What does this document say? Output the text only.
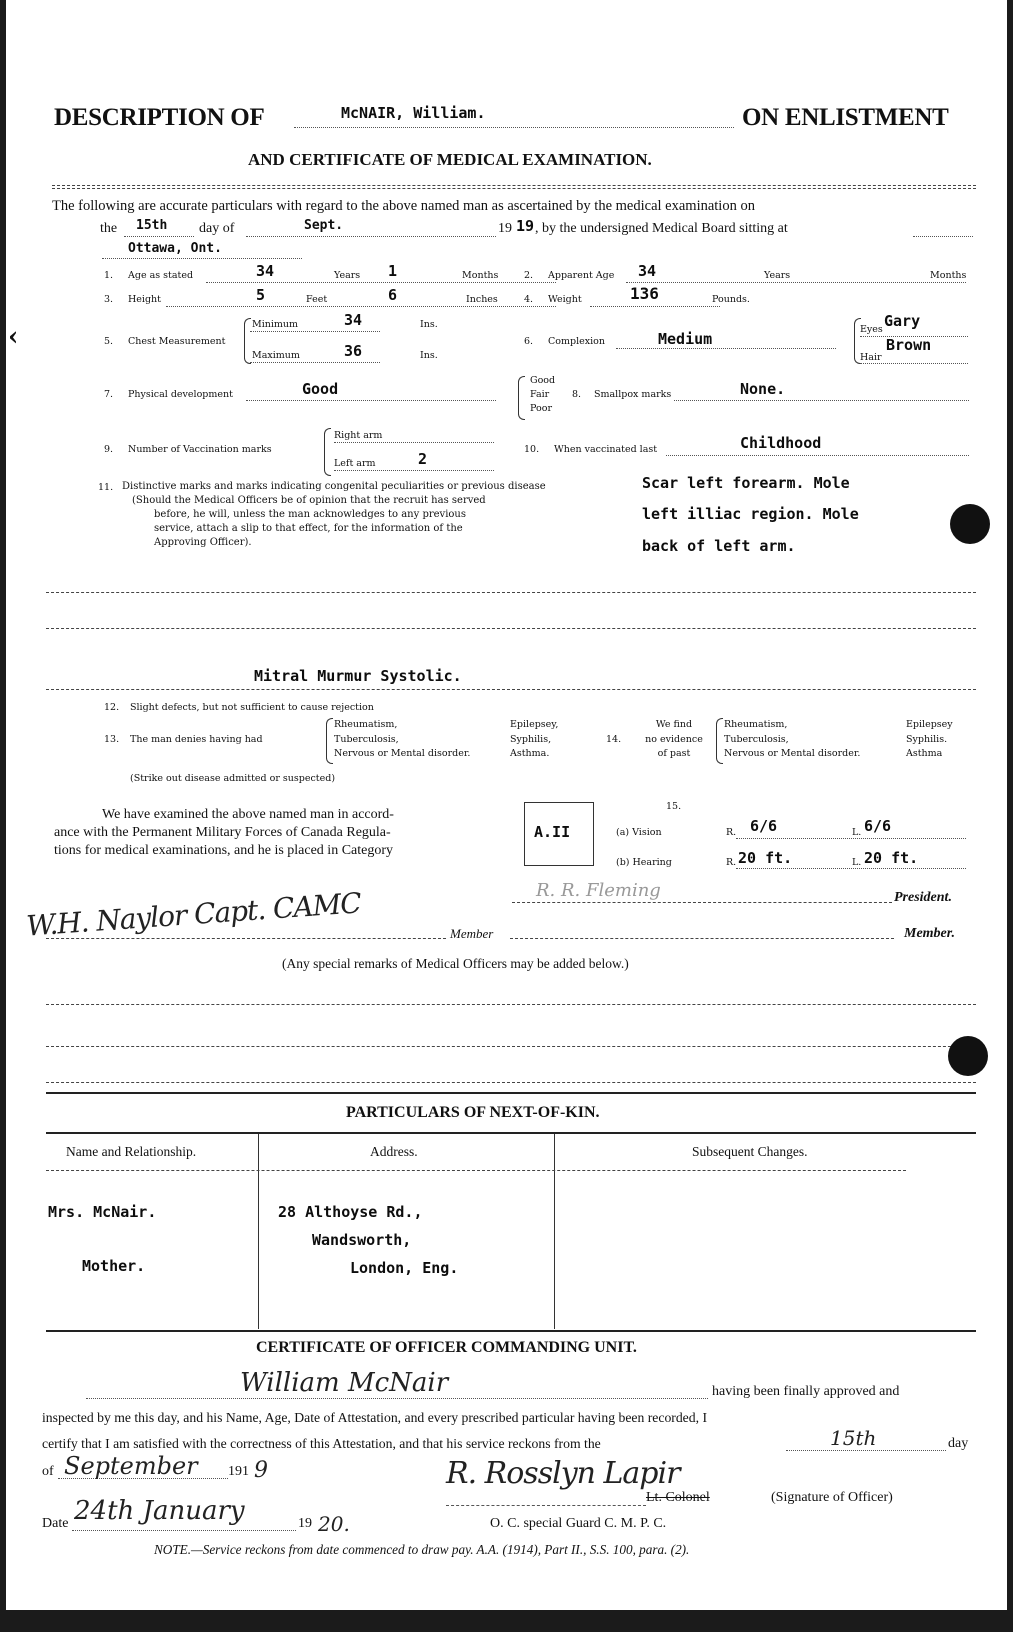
‹
DESCRIPTION OF	McNAIR, William.	ON ENLISTMENT
AND CERTIFICATE OF MEDICAL EXAMINATION.
The following are accurate particulars with regard to the above named man as ascertained by the medical examination on
the 15th day of	Sept.	19 19 , by the undersigned Medical Board sitting at
Ottawa, Ont.
1. Age as stated	34	Years 1	Months	2. Apparent Age 34	Years	Months
3. Height	5	Feet	6	Inches	4. Weight	136	Pounds.
5. Chest Measurement
Minimum	34	Ins.
Maximum	36	Ins.
6. Complexion	Medium
Eyes Gary
Brown
Hair
7. Physical development	Good	Good
Fair
Poor
8. Smallpox marks	None.
9. Number of Vaccination marks
Right arm
Left arm	2
10. When vaccinated last	Childhood
11. Distinctive marks and marks indicating congenital peculiarities or previous disease
(Should the Medical Officers be of opinion that the recruit has served
before, he will, unless the man acknowledges to any previous
service, attach a slip to that effect, for the information of the
Approving Officer).
Scar left forearm. Mole
left illiac region. Mole
back of left arm.
Mitral Murmur Systolic.
12. Slight defects, but not sufficient to cause rejection
13. The man denies having had
Rheumatism,
Tuberculosis,
Nervous or Mental disorder.
Epilepsey,
Syphilis,
Asthma.
14.
We find
no evidence
of past
Rheumatism,
Tuberculosis,
Nervous or Mental disorder.
Epilepsey
Syphilis.
Asthma
(Strike out disease admitted or suspected)
We have examined the above named man in accord-
ance with the Permanent Military Forces of Canada Regula-
tions for medical examinations, and he is placed in Category
A.II
15.
(a) Vision	R. 6/6	L. 6/6
(b) Hearing	R. 20 ft.	L. 20 ft.
R. R. Fleming	President.
W.H. Naylor Capt. CAMC	Member	Member.
(Any special remarks of Medical Officers may be added below.)
PARTICULARS OF NEXT-OF-KIN.
Name and Relationship.	Address.	Subsequent Changes.
Mrs. McNair.
Mother.
28 Althoyse Rd.,
Wandsworth,
London, Eng.
CERTIFICATE OF OFFICER COMMANDING UNIT.
William McNair	having been finally approved and
inspected by me this day, and his Name, Age, Date of Attestation, and every prescribed particular having been recorded, I
certify that I am satisfied with the correctness of this Attestation, and that his service reckons from the	15th	day
of September 191 9	R. Rosslyn Lapir
Lt. Colonel	(Signature of Officer)
Date 24th January	19 20.	O. C. special Guard C. M. P. C.
NOTE.—Service reckons from date commenced to draw pay. A.A. (1914), Part II., S.S. 100, para. (2).
